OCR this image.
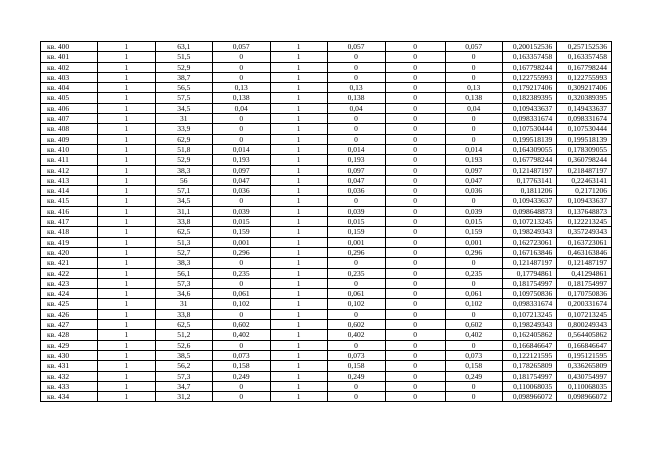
кв. 400	1	63,1	0,057	1	0,057	0	0,057	0,200152536	0,257152536
кв. 401	1	51,5	0	1	0	0	0	0,163357458	0,163357458
кв. 402	1	52,9	0	1	0	0	0	0,167798244	0,167798244
кв. 403	1	38,7	0	1	0	0	0	0,122755993	0,122755993
кв. 404	1	56,5	0,13	1	0,13	0	0,13	0,179217406	0,309217406
кв. 405	1	57,5	0,138	1	0,138	0	0,138	0,182389395	0,320389395
кв. 406	1	34,5	0,04	1	0,04	0	0,04	0,109433637	0,149433637
кв. 407	1	31	0	1	0	0	0	0,098331674	0,098331674
кв. 408	1	33,9	0	1	0	0	0	0,107530444	0,107530444
кв. 409	1	62,9	0	1	0	0	0	0,199518139	0,199518139
кв. 410	1	51,8	0,014	1	0,014	0	0,014	0,164309055	0,178309055
кв. 411	1	52,9	0,193	1	0,193	0	0,193	0,167798244	0,360798244
кв. 412	1	38,3	0,097	1	0,097	0	0,097	0,121487197	0,218487197
кв. 413	1	56	0,047	1	0,047	0	0,047	0,17763141	0,22463141
кв. 414	1	57,1	0,036	1	0,036	0	0,036	0,1811206	0,2171206
кв. 415	1	34,5	0	1	0	0	0	0,109433637	0,109433637
кв. 416	1	31,1	0,039	1	0,039	0	0,039	0,098648873	0,137648873
кв. 417	1	33,8	0,015	1	0,015	0	0,015	0,107213245	0,122213245
кв. 418	1	62,5	0,159	1	0,159	0	0,159	0,198249343	0,357249343
кв. 419	1	51,3	0,001	1	0,001	0	0,001	0,162723061	0,163723061
кв. 420	1	52,7	0,296	1	0,296	0	0,296	0,167163846	0,463163846
кв. 421	1	38,3	0	1	0	0	0	0,121487197	0,121487197
кв. 422	1	56,1	0,235	1	0,235	0	0,235	0,17794861	0,41294861
кв. 423	1	57,3	0	1	0	0	0	0,181754997	0,181754997
кв. 424	1	34,6	0,061	1	0,061	0	0,061	0,109750836	0,170750836
кв. 425	1	31	0,102	1	0,102	0	0,102	0,098331674	0,200331674
кв. 426	1	33,8	0	1	0	0	0	0,107213245	0,107213245
кв. 427	1	62,5	0,602	1	0,602	0	0,602	0,198249343	0,800249343
кв. 428	1	51,2	0,402	1	0,402	0	0,402	0,162405862	0,564405862
кв. 429	1	52,6	0	1	0	0	0	0,166846647	0,166846647
кв. 430	1	38,5	0,073	1	0,073	0	0,073	0,122121595	0,195121595
кв. 431	1	56,2	0,158	1	0,158	0	0,158	0,178265809	0,336265809
кв. 432	1	57,3	0,249	1	0,249	0	0,249	0,181754997	0,430754997
кв. 433	1	34,7	0	1	0	0	0	0,110068035	0,110068035
кв. 434	1	31,2	0	1	0	0	0	0,098966072	0,098966072
